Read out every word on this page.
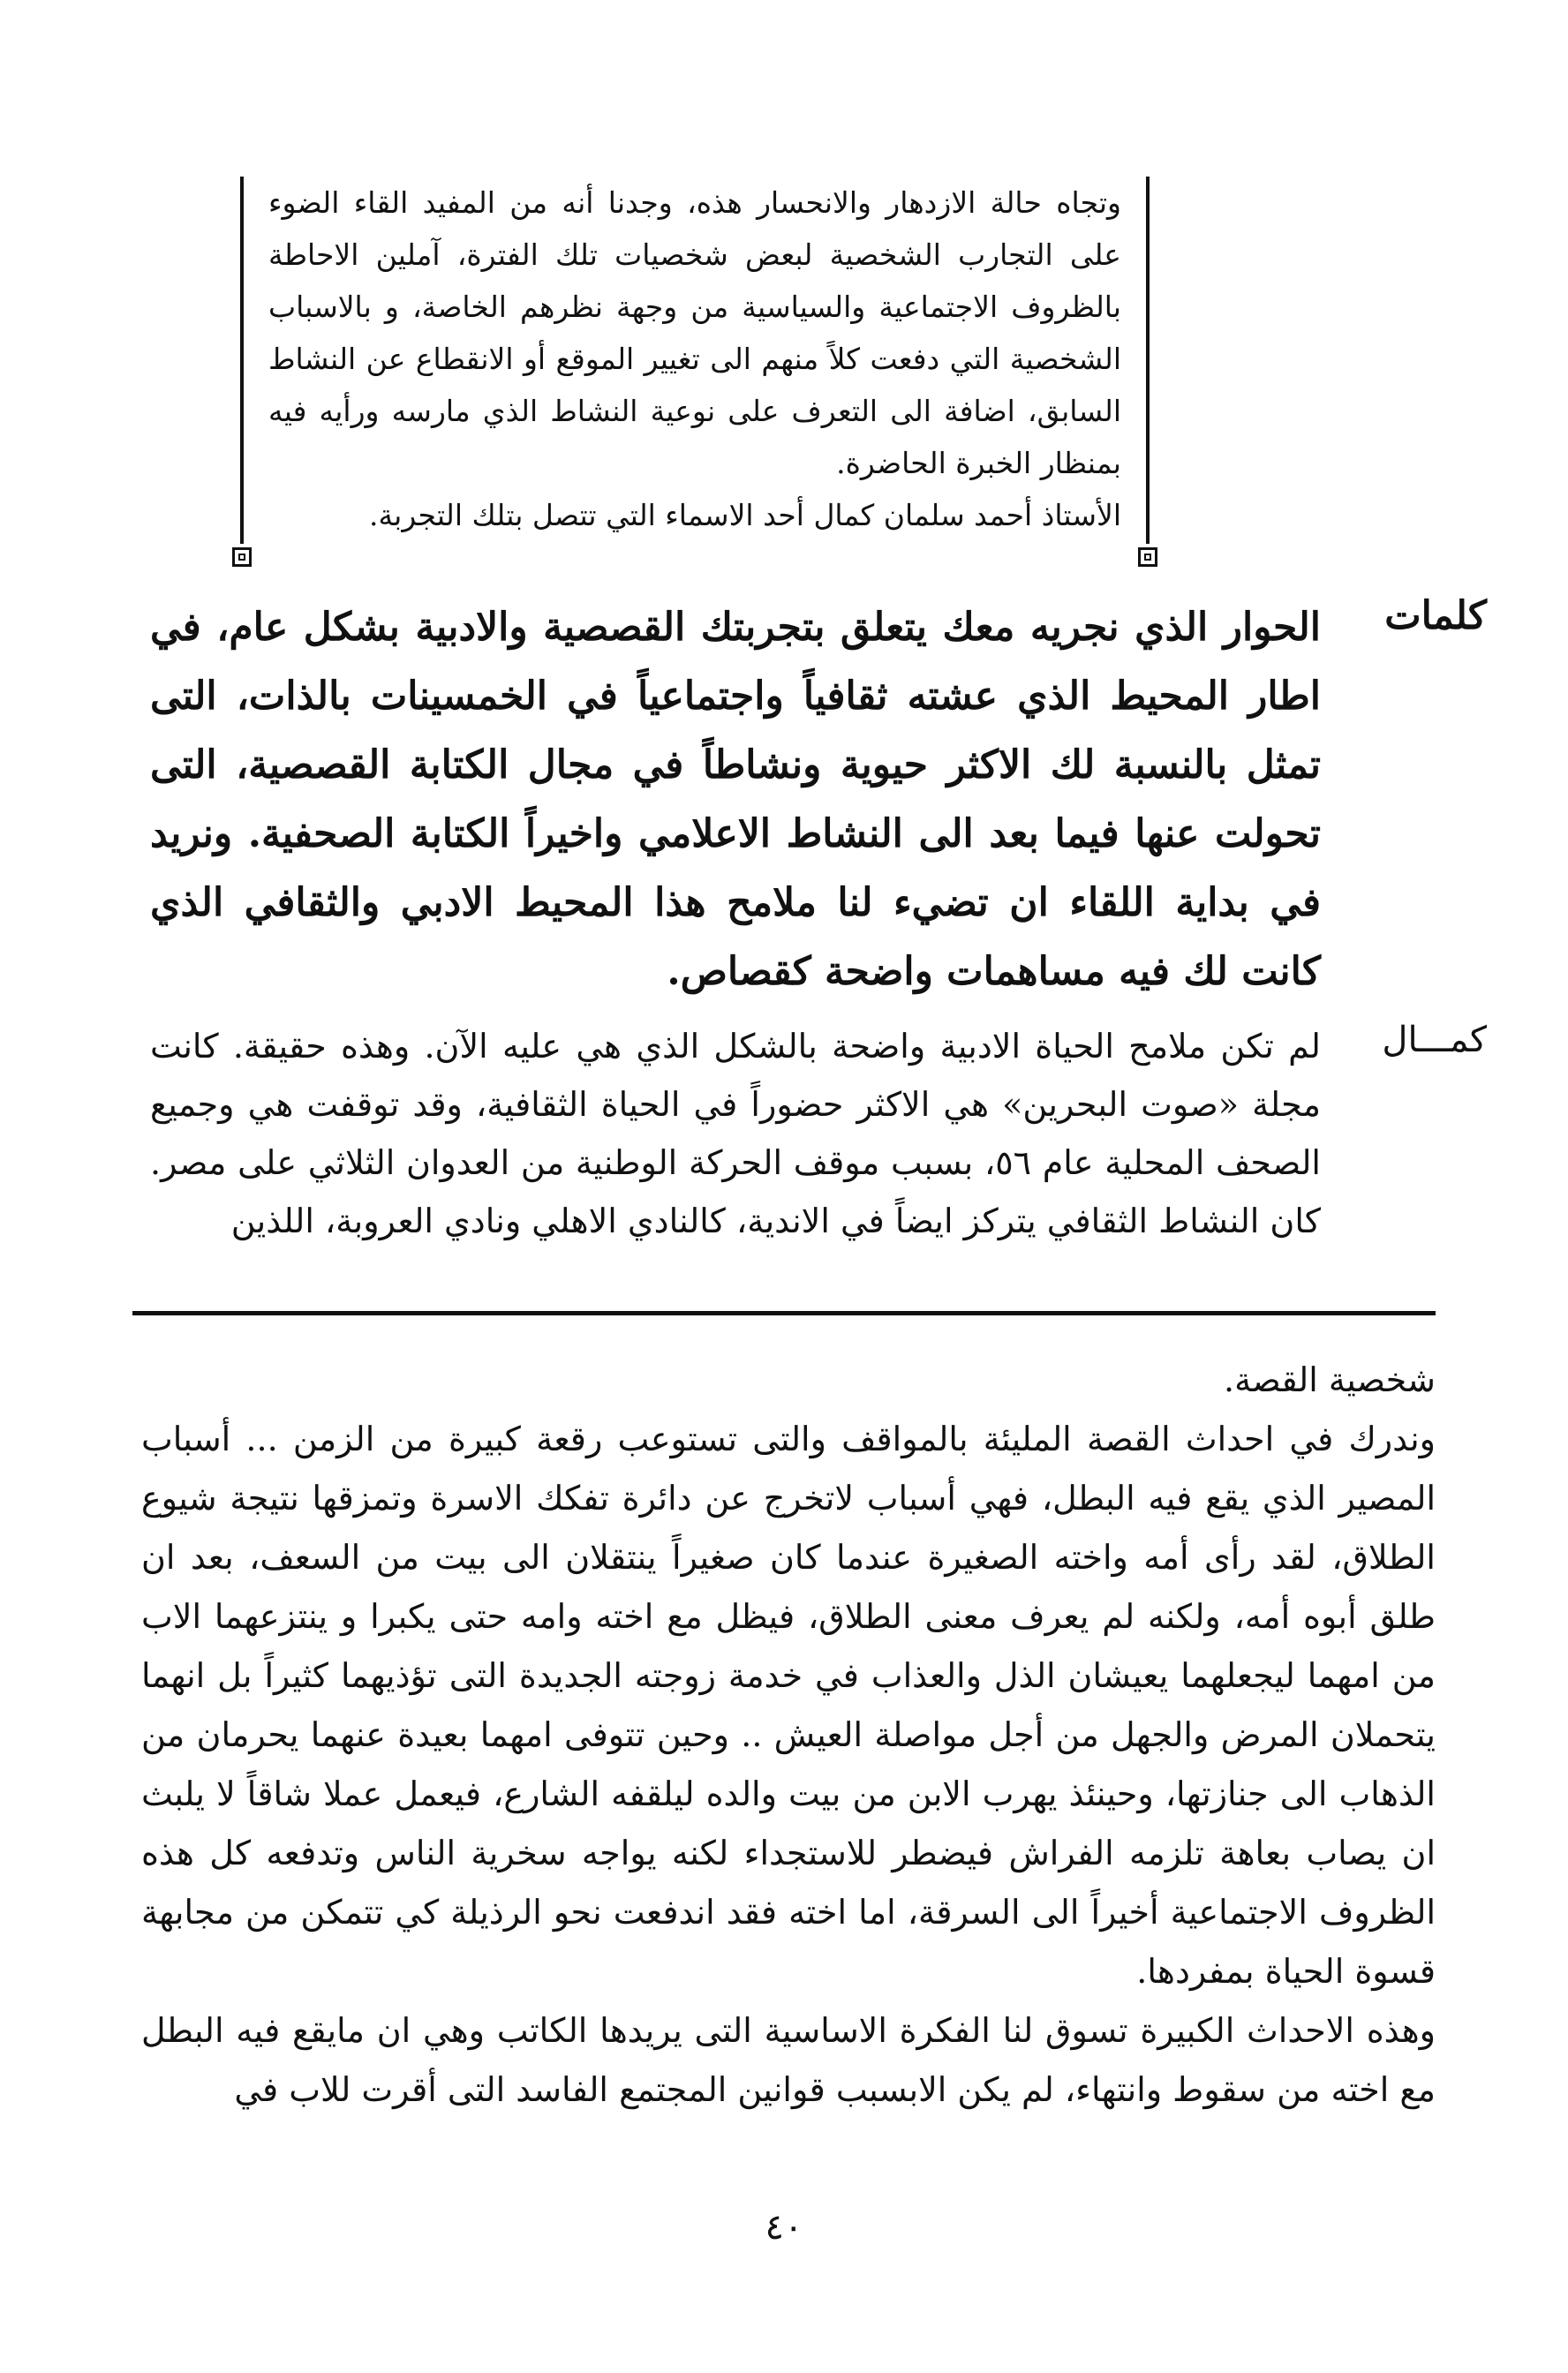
وتجاه حالة الازدهار والانحسار هذه، وجدنا أنه من المفيد القاء الضوء على التجارب الشخصية لبعض شخصيات تلك الفترة، آملين الاحاطة بالظروف الاجتماعية والسياسية من وجهة نظرهم الخاصة، و بالاسباب الشخصية التي دفعت كلاً منهم الى تغيير الموقع أو الانقطاع عن النشاط السابق، اضافة الى التعرف على نوعية النشاط الذي مارسه ورأيه فيه بمنظار الخبرة الحاضرة.

الأستاذ أحمد سلمان كمال أحد الاسماء التي تتصل بتلك التجربة.

كلمات

الحوار الذي نجريه معك يتعلق بتجربتك القصصية والادبية بشكل عام، في اطار المحيط الذي عشته ثقافياً واجتماعياً في الخمسينات بالذات، التى تمثل بالنسبة لك الاكثر حيوية ونشاطاً في مجال الكتابة القصصية، التى تحولت عنها فيما بعد الى النشاط الاعلامي واخيراً الكتابة الصحفية. ونريد في بداية اللقاء ان تضيء لنا ملامح هذا المحيط الادبي والثقافي الذي كانت لك فيه مساهمات واضحة كقصاص.

كمـــال

لم تكن ملامح الحياة الادبية واضحة بالشكل الذي هي عليه الآن. وهذه حقيقة. كانت مجلة «صوت البحرين» هي الاكثر حضوراً في الحياة الثقافية، وقد توقفت هي وجميع الصحف المحلية عام ٥٦، بسبب موقف الحركة الوطنية من العدوان الثلاثي على مصر. كان النشاط الثقافي يتركز ايضاً في الاندية، كالنادي الاهلي ونادي العروبة، اللذين

شخصية القصة.

وندرك في احداث القصة المليئة بالمواقف والتى تستوعب رقعة كبيرة من الزمن ... أسباب المصير الذي يقع فيه البطل، فهي أسباب لاتخرج عن دائرة تفكك الاسرة وتمزقها نتيجة شيوع الطلاق، لقد رأى أمه واخته الصغيرة عندما كان صغيراً ينتقلان الى بيت من السعف، بعد ان طلق أبوه أمه، ولكنه لم يعرف معنى الطلاق، فيظل مع اخته وامه حتى يكبرا و ينتزعهما الاب من امهما ليجعلهما يعيشان الذل والعذاب في خدمة زوجته الجديدة التى تؤذيهما كثيراً بل انهما يتحملان المرض والجهل من أجل مواصلة العيش .. وحين تتوفى امهما بعيدة عنهما يحرمان من الذهاب الى جنازتها، وحينئذ يهرب الابن من بيت والده ليلقفه الشارع، فيعمل عملا شاقاً لا يلبث ان يصاب بعاهة تلزمه الفراش فيضطر للاستجداء لكنه يواجه سخرية الناس وتدفعه كل هذه الظروف الاجتماعية أخيراً الى السرقة، اما اخته فقد اندفعت نحو الرذيلة كي تتمكن من مجابهة قسوة الحياة بمفردها.

وهذه الاحداث الكبيرة تسوق لنا الفكرة الاساسية التى يريدها الكاتب وهي ان مايقع فيه البطل مع اخته من سقوط وانتهاء، لم يكن الابسبب قوانين المجتمع الفاسد التى أقرت للاب في

٤٠
